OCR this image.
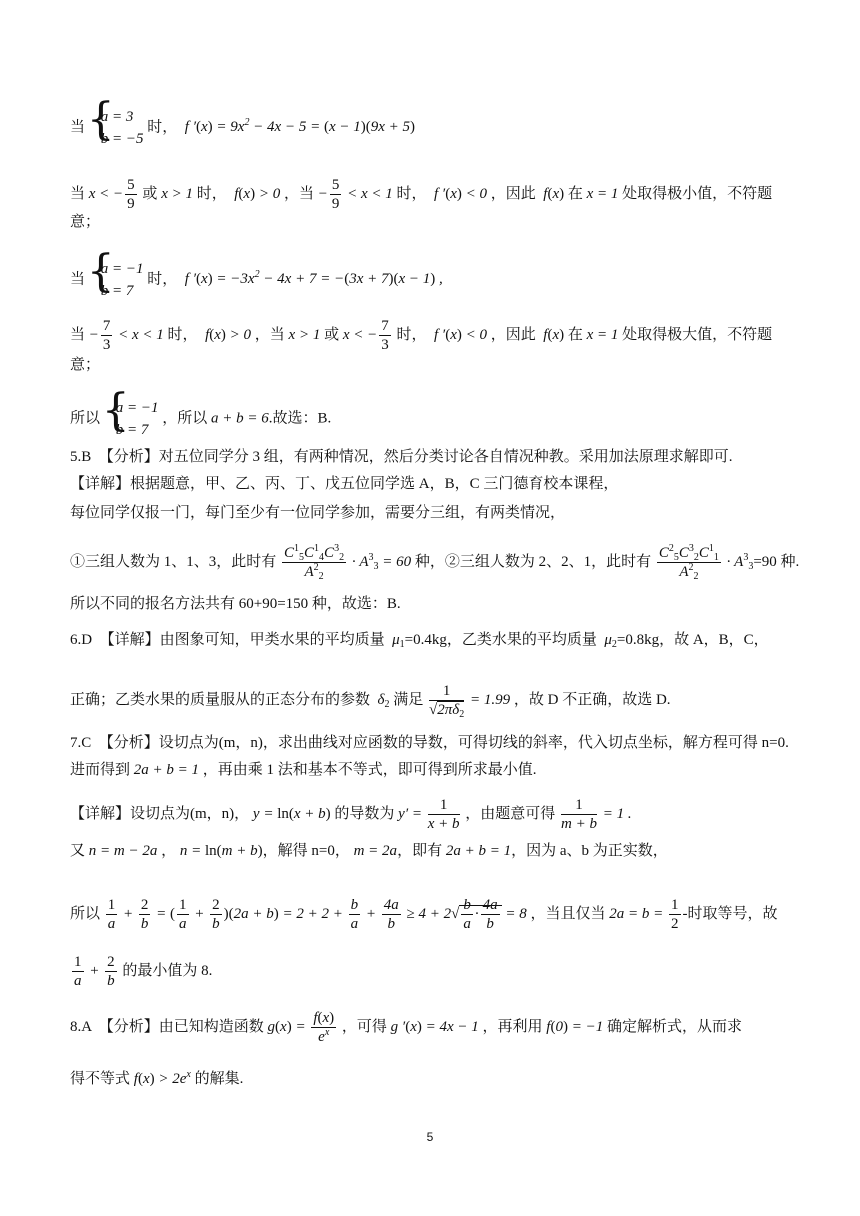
当
{ a = 3
b = −5
时，  f $'(x) = 9x^2 - 4x - 5 = (x - 1)(9x + 5)$
当 x < − $\frac{5}{9}$ 或 x > 1 时，  f(x) > 0 ，当 − $\frac{5}{9} < x < 1$ 时，  f ′(x) < 0 ，因此  f(x) 在 x = 1 处取得极小值，不符题
意；
当
{ a = −1
b = 7
时，  f $'(x) = -3x^2 - 4x + 7 = -(3x + 7)(x - 1)$ ,
当 − $\frac{7}{3} < x < 1$ 时，  f(x) > 0 ，当 x > 1 或 x < − $\frac{7}{3}$ 时，  f ′(x) < 0 ，因此  f(x) 在 x = 1 处取得极大值，不符题
意；
所以
{ a = −1
b = 7
，所以 a + b = 6.故选：B.
5.B　【分析】对五位同学分 3 组，有两种情况，然后分类讨论各自情况种教。采用加法原理求解即可.
【详解】根据题意，甲、乙、丙、丁、戊五位同学选 A，B，C 三门德育校本课程，
每位同学仅报一门，每门至少有一位同学参加，需要分三组，有两类情况，
①三组人数为 1、1、3，此时有 $\frac{C^1_5C^1_4C^3_2}{A^2_2} \cdot A^3_3 = 60$ 种，②三组人数为 2、2、1，此时有 $\frac{C^2_5C^3_2C^1_1}{A^2_2} \cdot A^3_3=90$ 种.
所以不同的报名方法共有 60+90=150 种，故选：B.
6.D　【详解】由图象可知，甲类水果的平均质量  $\mu_1=0.4kg$，乙类水果的平均质量  $\mu_2=0.8kg$，故 A，B，C，
正确；乙类水果的质量服从的正态分布的参数  $\delta_2$ 满足 $\frac{1}{√2\pi\delta_2} = 1.99$ ，故 D 不正确，故选 D.
7.C　【分析】设切点为(m，n)，求出曲线对应函数的导数，可得切线的斜率，代入切点坐标，解方程可得 n=0.
进而得到 2a + b = 1 ，再由乘 1 法和基本不等式，即可得到所求最小值.
【详解】设切点为(m，n)， y = ln(x + b) 的导数为 $y' = \frac{1}{x + b}$ ，由题意可得 $\frac{1}{m + b} = 1$ .
又 n = m − 2a ， n = ln(m + b)，解得 n=0， m = 2a，即有 2a + b = 1，因为 a、b 为正实数，
所以 $\frac{1}{a} + \frac{2}{b}$ = ( $\frac{1}{a} + \frac{2}{b} )(2a + b) = 2 + 2 + \frac{b}{a} + \frac{4a}{b} \ge 4 + 2√ \frac{b}{a} \cdot \frac{4a}{b} = 8$ ，当且仅当 $2a = b = \frac{1}{2}$ -时取等号，故
$\frac{1}{a} + \frac{2}{b}$ 的最小值为 8.
8.A　【分析】由已知构造函数 $g(x) = \frac{f(x)}{e^x}$ ，可得 g ′(x) = 4x − 1 ，再利用 f(0) = −1 确定解析式，从而求
得不等式 $f(x) > 2e^x$ 的解集.
5
